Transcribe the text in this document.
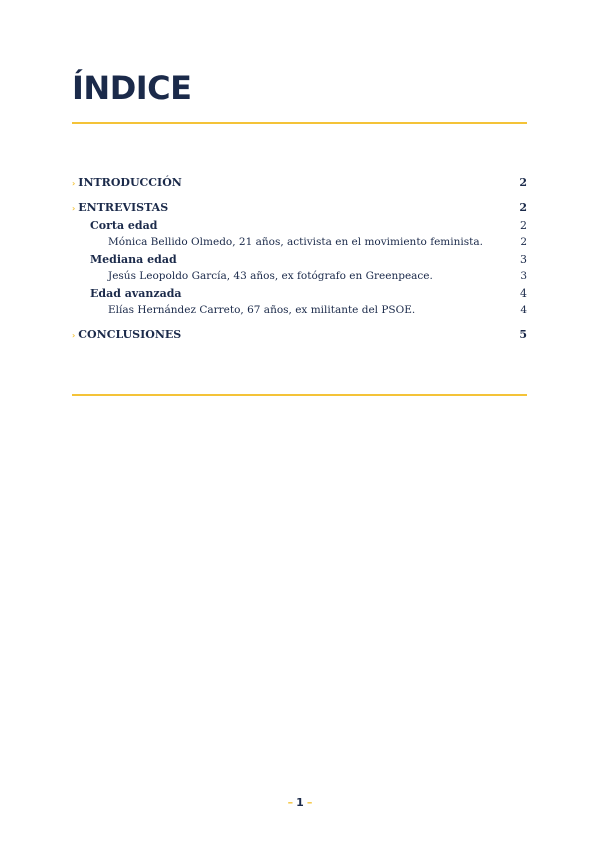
ÍNDICE
› INTRODUCCIÓN	2
› ENTREVISTAS	2
Corta edad	2
Mónica Bellido Olmedo, 21 años, activista en el movimiento feminista.	2
Mediana edad	3
Jesús Leopoldo García, 43 años, ex fotógrafo en Greenpeace.	3
Edad avanzada	4
Elías Hernández Carreto, 67 años, ex militante del PSOE.	4
› CONCLUSIONES	5
– 1 –
